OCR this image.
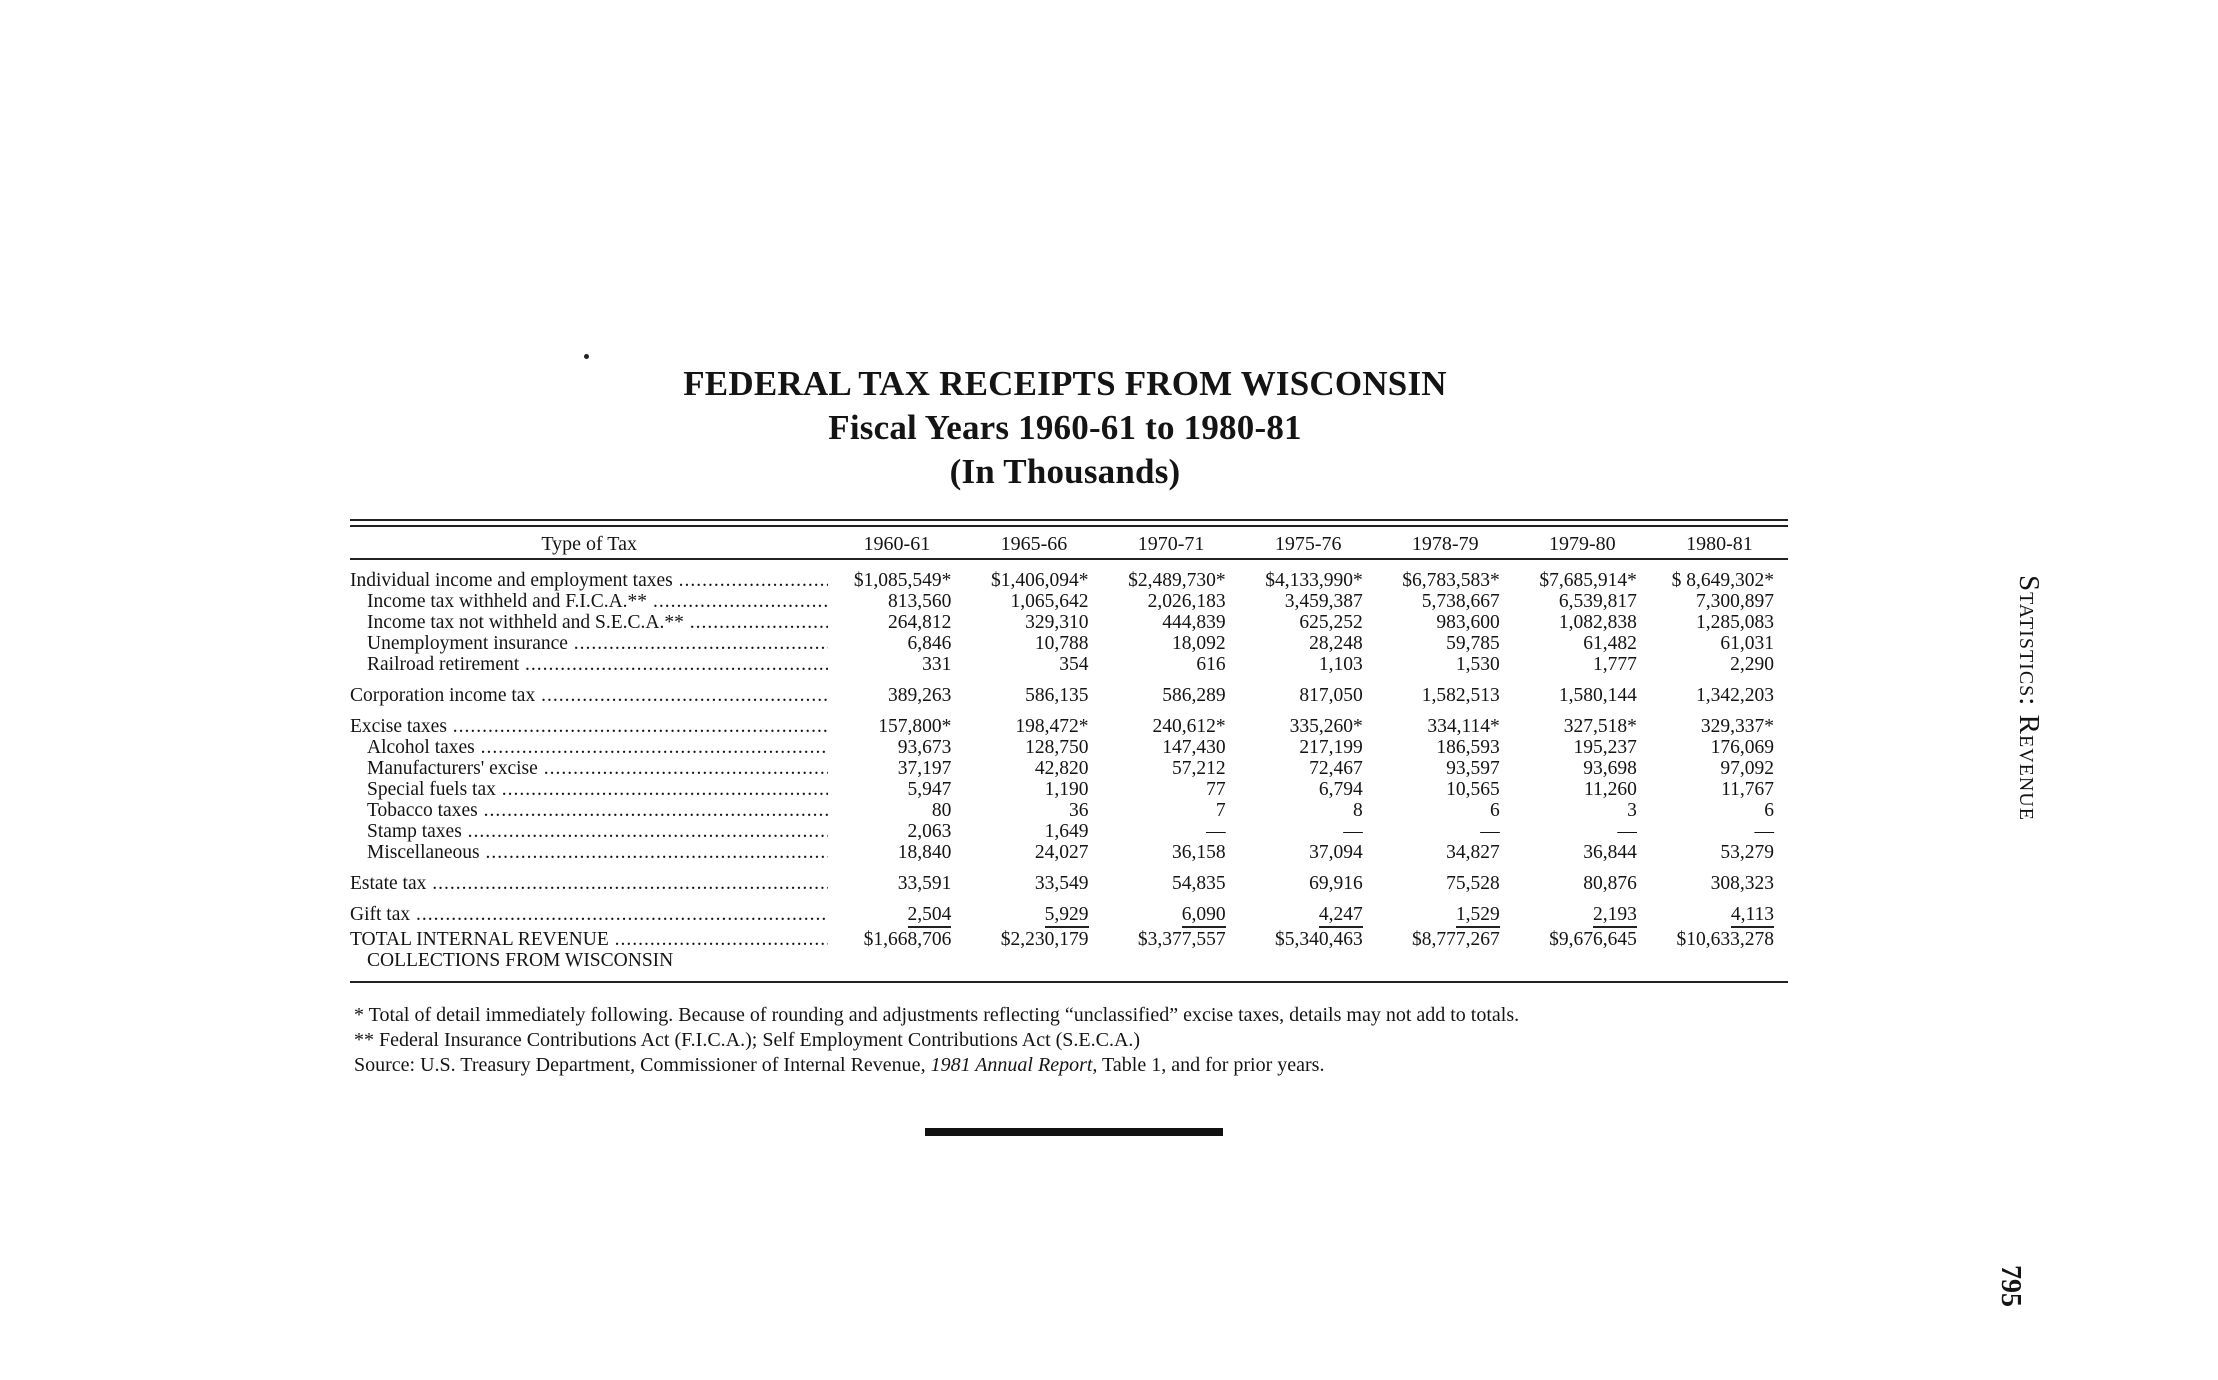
FEDERAL TAX RECEIPTS FROM WISCONSIN
Fiscal Years 1960-61 to 1980-81
(In Thousands)
Type of Tax	1960-61	1965-66	1970-71	1975-76	1978-79	1979-80	1980-81

Individual income and employment taxes .....	$1,085,549*	$1,406,094*	$2,489,730*	$4,133,990*	$6,783,583*	$7,685,914*	$ 8,649,302*
Income tax withheld and F.I.C.A.** .....	813,560	1,065,642	2,026,183	3,459,387	5,738,667	6,539,817	7,300,897
Income tax not withheld and S.E.C.A.** .....	264,812	329,310	444,839	625,252	983,600	1,082,838	1,285,083
Unemployment insurance .....	6,846	10,788	18,092	28,248	59,785	61,482	61,031
Railroad retirement .....	331	354	616	1,103	1,530	1,777	2,290

Corporation income tax .....	389,263	586,135	586,289	817,050	1,582,513	1,580,144	1,342,203

Excise taxes .....	157,800*	198,472*	240,612*	335,260*	334,114*	327,518*	329,337*
Alcohol taxes .....	93,673	128,750	147,430	217,199	186,593	195,237	176,069
Manufacturers' excise .....	37,197	42,820	57,212	72,467	93,597	93,698	97,092
Special fuels tax .....	5,947	1,190	77	6,794	10,565	11,260	11,767
Tobacco taxes .....	80	36	7	8	6	3	6
Stamp taxes .....	2,063	1,649	—	—	—	—	—
Miscellaneous .....	18,840	24,027	36,158	37,094	34,827	36,844	53,279

Estate tax .....	33,591	33,549	54,835	69,916	75,528	80,876	308,323

Gift tax .....	2,504	5,929	6,090	4,247	1,529	2,193	4,113
TOTAL INTERNAL REVENUE .....	$1,668,706	$2,230,179	$3,377,557	$5,340,463	$8,777,267	$9,676,645	$10,633,278
COLLECTIONS FROM WISCONSIN							
* Total of detail immediately following. Because of rounding and adjustments reflecting “unclassified” excise taxes, details may not add to totals.
** Federal Insurance Contributions Act (F.I.C.A.); Self Employment Contributions Act (S.E.C.A.)
Source: U.S. Treasury Department, Commissioner of Internal Revenue, 1981 Annual Report, Table 1, and for prior years.
Statistics: Revenue
795
